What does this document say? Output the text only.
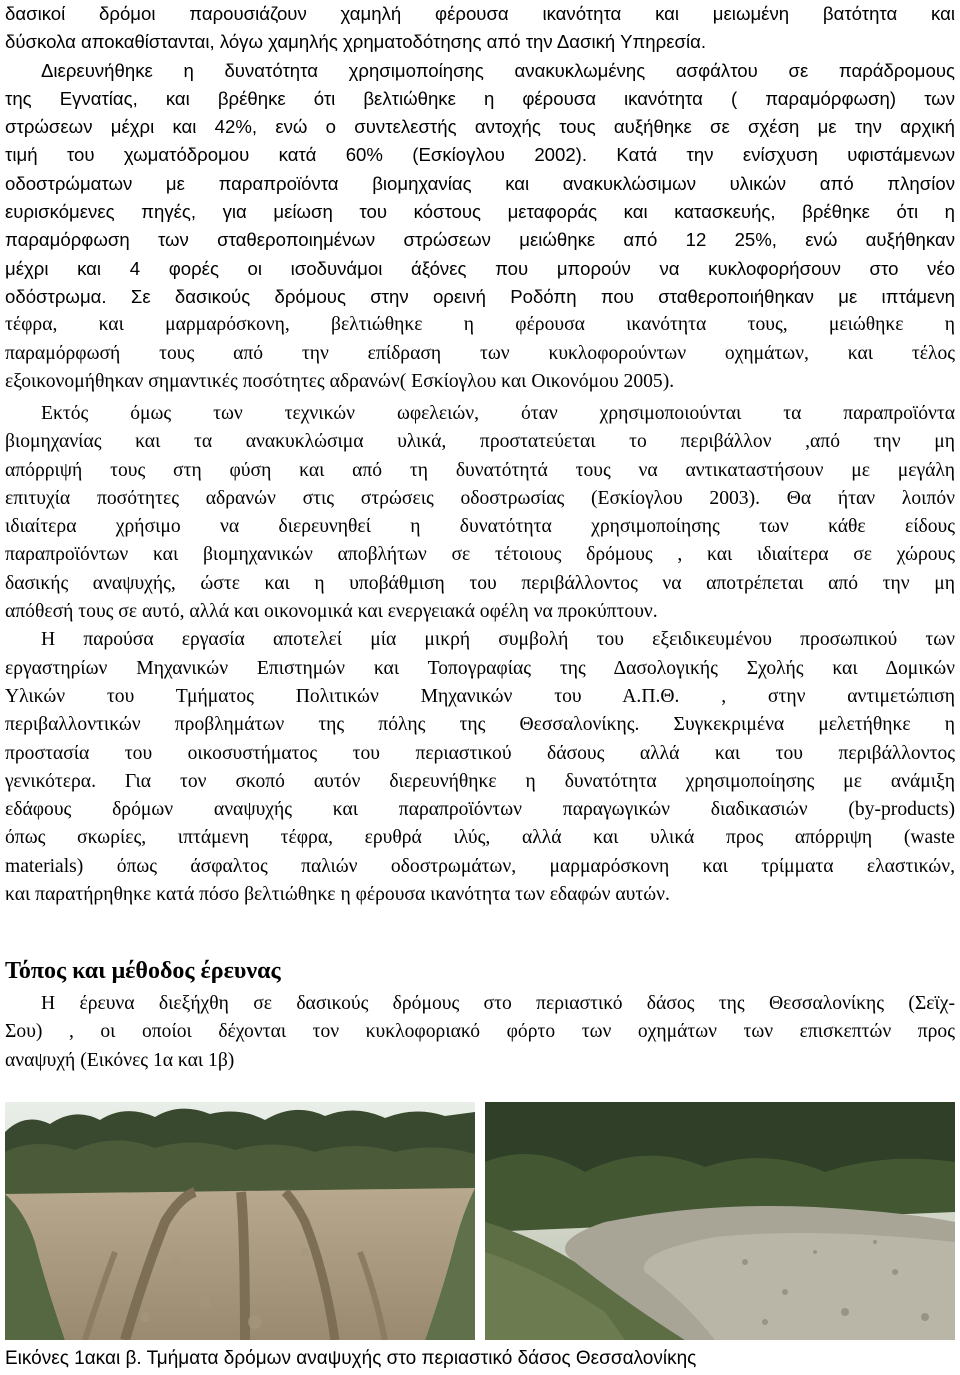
δασικοί δρόμοι παρουσιάζουν χαμηλή φέρουσα ικανότητα και μειωμένη βατότητα και
δύσκολα αποκαθίστανται, λόγω χαμηλής χρηματοδότησης από την Δασική Υπηρεσία.
Διερευνήθηκε η δυνατότητα χρησιμοποίησης ανακυκλωμένης ασφάλτου σε παράδρομους
της Εγνατίας, και βρέθηκε ότι βελτιώθηκε η φέρουσα ικανότητα ( παραμόρφωση) των
στρώσεων μέχρι και 42%, ενώ ο συντελεστής αντοχής τους αυξήθηκε σε σχέση με την αρχική
τιμή του χωματόδρομου κατά 60% (Εσκίογλου 2002). Κατά την ενίσχυση υφιστάμενων
οδοστρώματων με παραπροϊόντα βιομηχανίας και ανακυκλώσιμων υλικών από πλησίον
ευρισκόμενες πηγές, για μείωση του κόστους μεταφοράς και κατασκευής, βρέθηκε ότι η
παραμόρφωση των σταθεροποιημένων στρώσεων μειώθηκε από 12 25%, ενώ αυξήθηκαν
μέχρι και 4 φορές οι ισοδυνάμοι άξόνες που μπορούν να κυκλοφορήσουν στο νέο
οδόστρωμα. Σε δασικούς δρόμους στην ορεινή Ροδόπη που σταθεροποιήθηκαν με ιπτάμενη
τέφρα, και μαρμαρόσκονη, βελτιώθηκε η φέρουσα ικανότητα τους, μειώθηκε η
παραμόρφωσή τους από την επίδραση των κυκλοφορούντων οχημάτων, και τέλος
εξοικονομήθηκαν σημαντικές ποσότητες αδρανών( Εσκίογλου και Οικονόμου 2005).
Εκτός όμως των τεχνικών ωφελειών, όταν χρησιμοποιούνται τα παραπροϊόντα
βιομηχανίας και τα ανακυκλώσιμα υλικά, προστατεύεται το περιβάλλον ,από την μη
απόρριψή τους στη φύση και από τη δυνατότητά τους να αντικαταστήσουν με μεγάλη
επιτυχία ποσότητες αδρανών στις στρώσεις οδοστρωσίας (Εσκίογλου 2003). Θα ήταν λοιπόν
ιδιαίτερα χρήσιμο να διερευνηθεί η δυνατότητα χρησιμοποίησης των κάθε είδους
παραπροϊόντων και βιομηχανικών αποβλήτων σε τέτοιους δρόμους , και ιδιαίτερα σε χώρους
δασικής αναψυχής, ώστε και η υποβάθμιση του περιβάλλοντος να αποτρέπεται από την μη
απόθεσή τους σε αυτό, αλλά και οικονομικά και ενεργειακά οφέλη να προκύπτουν.
Η παρούσα εργασία αποτελεί μία μικρή συμβολή του εξειδικευμένου προσωπικού των
εργαστηρίων Μηχανικών Επιστημών και Τοπογραφίας της Δασολογικής Σχολής και Δομικών
Υλικών του Τμήματος Πολιτικών Μηχανικών του Α.Π.Θ. , στην αντιμετώπιση
περιβαλλοντικών προβλημάτων της πόλης της Θεσσαλονίκης. Συγκεκριμένα μελετήθηκε η
προστασία του οικοσυστήματος του περιαστικού δάσους αλλά και του περιβάλλοντος
γενικότερα. Για τον σκοπό αυτόν διερευνήθηκε η δυνατότητα χρησιμοποίησης με ανάμιξη
εδάφους δρόμων αναψυχής και παραπροϊόντων παραγωγικών διαδικασιών (by-products)
όπως σκωρίες, ιπτάμενη τέφρα, ερυθρά ιλύς, αλλά και υλικά προς απόρριψη (waste
materials) όπως άσφαλτος παλιών οδοστρωμάτων, μαρμαρόσκονη και τρίμματα ελαστικών,
και παρατήρηθηκε κατά πόσο βελτιώθηκε η φέρουσα ικανότητα των εδαφών αυτών.
Τόπος και μέθοδος έρευνας
Η έρευνα διεξήχθη σε δασικούς δρόμους στο περιαστικό δάσος της Θεσσαλονίκης (Σεϊχ-
Σου) , οι οποίοι δέχονται τον κυκλοφοριακό φόρτο των οχημάτων των επισκεπτών προς
αναψυχή (Εικόνες 1α και 1β)
Εικόνες 1ακαι β. Τμήματα δρόμων αναψυχής στο περιαστικό δάσος Θεσσαλονίκης
